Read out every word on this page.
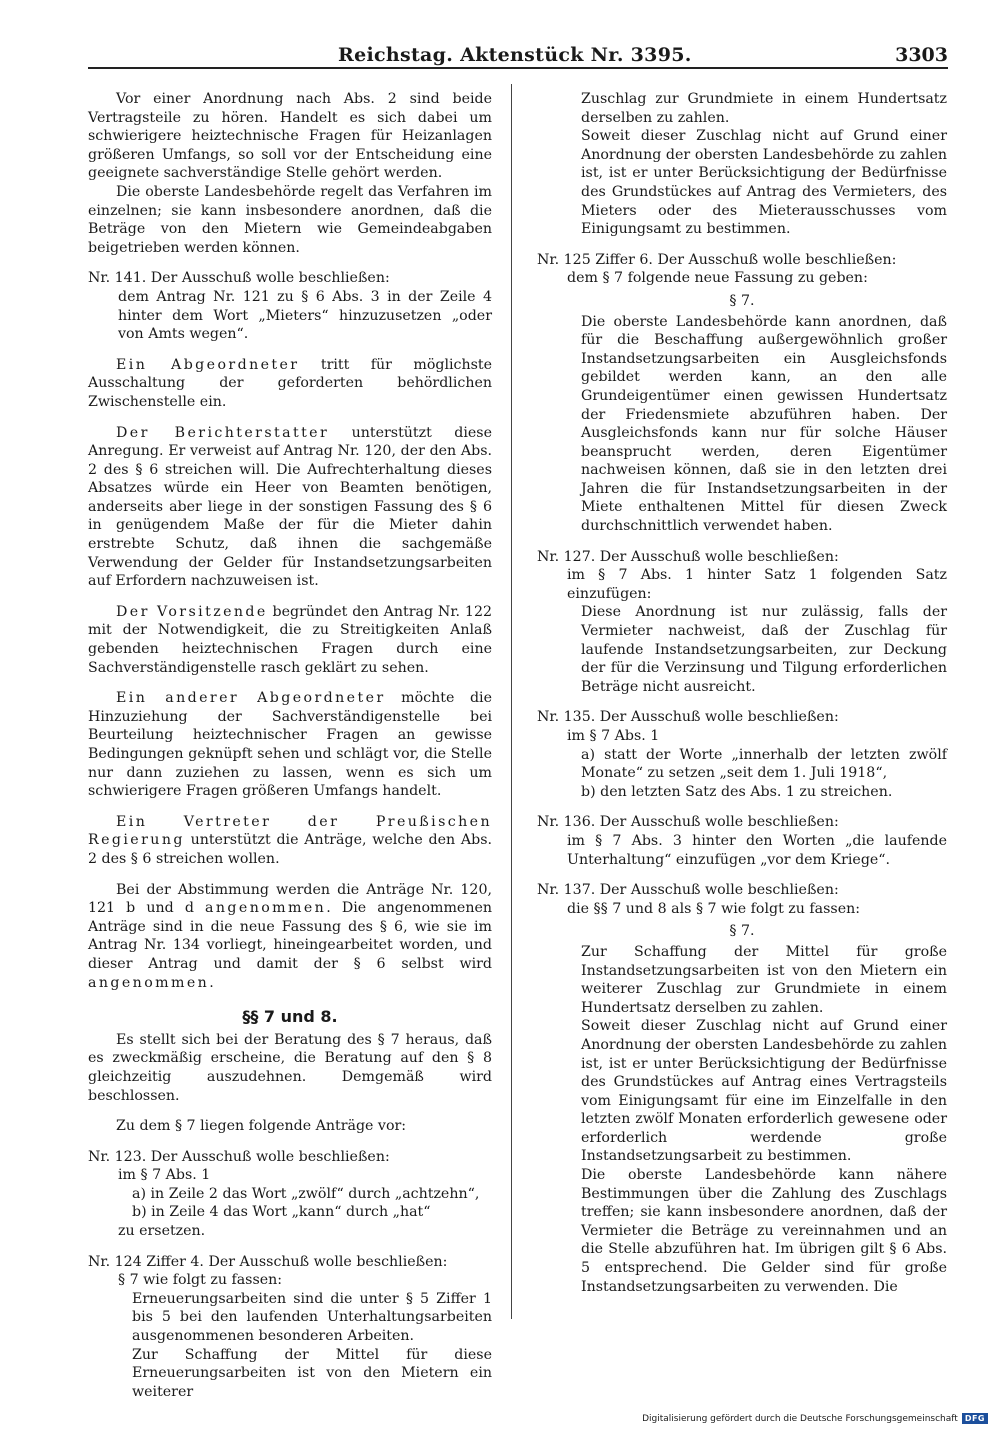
Reichstag. Aktenstück Nr. 3395.	3303

Vor einer Anordnung nach Abs. 2 sind beide Vertragsteile zu hören. Handelt es sich dabei um schwierigere heiztechnische Fragen für Heizanlagen größeren Umfangs, so soll vor der Entscheidung eine geeignete sachverständige Stelle gehört werden.

Die oberste Landesbehörde regelt das Verfahren im einzelnen; sie kann insbesondere anordnen, daß die Beträge von den Mietern wie Gemeindeabgaben beigetrieben werden können.

Nr. 141. Der Ausschuß wolle beschließen:

dem Antrag Nr. 121 zu § 6 Abs. 3 in der Zeile 4 hinter dem Wort „Mieters“ hinzuzusetzen „oder von Amts wegen“.

Ein Abgeordneter tritt für möglichste Ausschaltung der geforderten behördlichen Zwischenstelle ein.

Der Berichterstatter unterstützt diese Anregung. Er verweist auf Antrag Nr. 120, der den Abs. 2 des § 6 streichen will. Die Aufrechterhaltung dieses Absatzes würde ein Heer von Beamten benötigen, anderseits aber liege in der sonstigen Fassung des § 6 in genügendem Maße der für die Mieter dahin erstrebte Schutz, daß ihnen die sachgemäße Verwendung der Gelder für Instandsetzungsarbeiten auf Erfordern nachzuweisen ist.

Der Vorsitzende begründet den Antrag Nr. 122 mit der Notwendigkeit, die zu Streitigkeiten Anlaß gebenden heiztechnischen Fragen durch eine Sachverständigenstelle rasch geklärt zu sehen.

Ein anderer Abgeordneter möchte die Hinzuziehung der Sachverständigenstelle bei Beurteilung heiztechnischer Fragen an gewisse Bedingungen geknüpft sehen und schlägt vor, die Stelle nur dann zuziehen zu lassen, wenn es sich um schwierigere Fragen größeren Umfangs handelt.

Ein Vertreter der Preußischen Regierung unterstützt die Anträge, welche den Abs. 2 des § 6 streichen wollen.

Bei der Abstimmung werden die Anträge Nr. 120, 121 b und d angenommen. Die angenommenen Anträge sind in die neue Fassung des § 6, wie sie im Antrag Nr. 134 vorliegt, hineingearbeitet worden, und dieser Antrag und damit der § 6 selbst wird angenommen.

§§ 7 und 8.

Es stellt sich bei der Beratung des § 7 heraus, daß es zweckmäßig erscheine, die Beratung auf den § 8 gleichzeitig auszudehnen. Demgemäß wird beschlossen.

Zu dem § 7 liegen folgende Anträge vor:

Nr. 123. Der Ausschuß wolle beschließen:

im § 7 Abs. 1

a) in Zeile 2 das Wort „zwölf“ durch „achtzehn“,

b) in Zeile 4 das Wort „kann“ durch „hat“

zu ersetzen.

Nr. 124 Ziffer 4. Der Ausschuß wolle beschließen:

§ 7 wie folgt zu fassen:

Erneuerungsarbeiten sind die unter § 5 Ziffer 1 bis 5 bei den laufenden Unterhaltungsarbeiten ausgenommenen besonderen Arbeiten.

Zur Schaffung der Mittel für diese Erneuerungsarbeiten ist von den Mietern ein weiterer

Zuschlag zur Grundmiete in einem Hundertsatz derselben zu zahlen.

Soweit dieser Zuschlag nicht auf Grund einer Anordnung der obersten Landesbehörde zu zahlen ist, ist er unter Berücksichtigung der Bedürfnisse des Grundstückes auf Antrag des Vermieters, des Mieters oder des Mieterausschusses vom Einigungsamt zu bestimmen.

Nr. 125 Ziffer 6. Der Ausschuß wolle beschließen:

dem § 7 folgende neue Fassung zu geben:

§ 7.

Die oberste Landesbehörde kann anordnen, daß für die Beschaffung außergewöhnlich großer Instandsetzungsarbeiten ein Ausgleichsfonds gebildet werden kann, an den alle Grundeigentümer einen gewissen Hundertsatz der Friedensmiete abzuführen haben. Der Ausgleichsfonds kann nur für solche Häuser beansprucht werden, deren Eigentümer nachweisen können, daß sie in den letzten drei Jahren die für Instandsetzungsarbeiten in der Miete enthaltenen Mittel für diesen Zweck durchschnittlich verwendet haben.

Nr. 127. Der Ausschuß wolle beschließen:

im § 7 Abs. 1 hinter Satz 1 folgenden Satz einzufügen:

Diese Anordnung ist nur zulässig, falls der Vermieter nachweist, daß der Zuschlag für laufende Instandsetzungsarbeiten, zur Deckung der für die Verzinsung und Tilgung erforderlichen Beträge nicht ausreicht.

Nr. 135. Der Ausschuß wolle beschließen:

im § 7 Abs. 1

a) statt der Worte „innerhalb der letzten zwölf Monate“ zu setzen „seit dem 1. Juli 1918“,

b) den letzten Satz des Abs. 1 zu streichen.

Nr. 136. Der Ausschuß wolle beschließen:

im § 7 Abs. 3 hinter den Worten „die laufende Unterhaltung“ einzufügen „vor dem Kriege“.

Nr. 137. Der Ausschuß wolle beschließen:

die §§ 7 und 8 als § 7 wie folgt zu fassen:

§ 7.

Zur Schaffung der Mittel für große Instandsetzungsarbeiten ist von den Mietern ein weiterer Zuschlag zur Grundmiete in einem Hundertsatz derselben zu zahlen.

Soweit dieser Zuschlag nicht auf Grund einer Anordnung der obersten Landesbehörde zu zahlen ist, ist er unter Berücksichtigung der Bedürfnisse des Grundstückes auf Antrag eines Vertragsteils vom Einigungsamt für eine im Einzelfalle in den letzten zwölf Monaten erforderlich gewesene oder erforderlich werdende große Instandsetzungsarbeit zu bestimmen.

Die oberste Landesbehörde kann nähere Bestimmungen über die Zahlung des Zuschlags treffen; sie kann insbesondere anordnen, daß der Vermieter die Beträge zu vereinnahmen und an die Stelle abzuführen hat. Im übrigen gilt § 6 Abs. 5 entsprechend. Die Gelder sind für große Instandsetzungsarbeiten zu verwenden. Die

Digitalisierung gefördert durch die Deutsche Forschungsgemeinschaft DFG
